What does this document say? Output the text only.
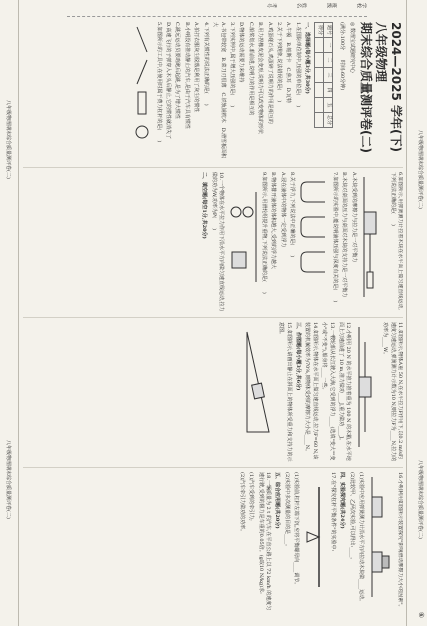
八年级物理期末综合质量测评卷(二)
八年级物理期末综合质量测评卷(二)
⑥
学校
班级
姓名
考号
2024—2025 学年(下)八年级物理
期末综合质量测评卷(二)
◎ 数理宝试题研究中心
(满分:100分　　时间:60分钟)
题号	一	二	三	四	五	总分
得分						

一、选择题(每小题3分,共30分)

1.在国际单位制中,压强的单位是(　　)

A.牛顿　B.帕斯卡　C.焦耳　D.瓦特

2.关于下列现象,说法错误的是(　　)

A.鸡蛋碰石头,鸡蛋碎了说明力的作用是相互的

B.用力捏橡皮泥会变形,说明力可以改变物体的形状

C.船桨划水,船前进,说明力的作用是相互的

D.物体的运动需要力来维持

3.下列实例中,属于增大压强的是(　　)

A.书包带较宽　B.菜刀刃很薄　C.铁轨铺枕木　D.滑雪板面积大

4.下列有关惯性的说法正确的是(　　)

A.拍打衣服灰尘脱落是利用了灰尘的惯性

B.小明没有推动静止的汽车,是由于汽车具有惯性

C.跳远运动员要助跑后起跳,是为了增大惯性

D.高速飞行的子弹穿入木头后静止,它的惯性就消失了

5.如图所示的工具中,在使用时属于费力杠杆的是(　　)

6.如图所示,用弹簧测力计拉着木块在水平面上做匀速直线运动,下列说法正确的是(　　)

A.木块受到的摩擦力与拉力是一对平衡力

B.木块对桌面的压力与桌面对木块的支持力是一对平衡力

7.如图所示的实验中,能说明液体压强与深度有关的是(　　)

8.关于浮力,下列说法中正确的是(　　)

A.浸在液体中的物体一定受到浮力

B.物体排开液体的体积越大,受到的浮力越大

9.如图所示,用滑轮组提升重物,下列说法正确的是(　　)

10.一个物体在水平拉力作用下沿水平方向做匀速直线运动,拉力做的功为W,功率为P(　　)

二、填空题(每空1分,共20分)

11.如图所示,物体A重 50 N,在水平拉力F作用下,以0.2 m/s的速度匀速运动,弹簧测力计示数为10 N,则拉力F为____N,拉力的功率为____W。

12.小明用 20 N 的水平推力推着重为 100 N 的木箱,在水平地面上匀速前进了 10 m,推力做功____J,重力做功____J。

13.一艘轮船从长江驶入大海,它受到的浮力____(选填"变大""变小"或"不变"),船身将____一些。

14.如图所示,物体在水平面上做匀速直线运动,拉力F=60 N,该装置的机械效率为70%,则物体受到的摩擦力大小是____N。

三、作图题(每小题3分,共6分)

15.如图所示,请画出静止在斜面上的物体所受重力和支持力的示意图。

16.小明利用如图所示装置探究"影响滑动摩擦力大小的因素"。

(1)实验中应用弹簧测力计沿水平方向拉动木块做____运动。

(2)比较甲、乙两次实验,可以得出:____。

四、实验探究题(共24分)

17.在"探究杠杆平衡条件"的实验中:

(1)实验前,杠杆左端下沉,应将平衡螺母向____调节。

(2)实验中多次测量的目的是____。

五、综合应用题(共20分)

18.一辆质量为 2 t 的汽车,在平直公路上以 72 km/h 的速度匀速行驶,受到的阻力是车重的0.05倍。(g取10 N/kg)求:

(1)汽车受到的牵引力;

(2)汽车牵引力做功的功率。

八年级物理期末综合质量测评卷(二)
八年级物理期末综合质量测评卷(二)
